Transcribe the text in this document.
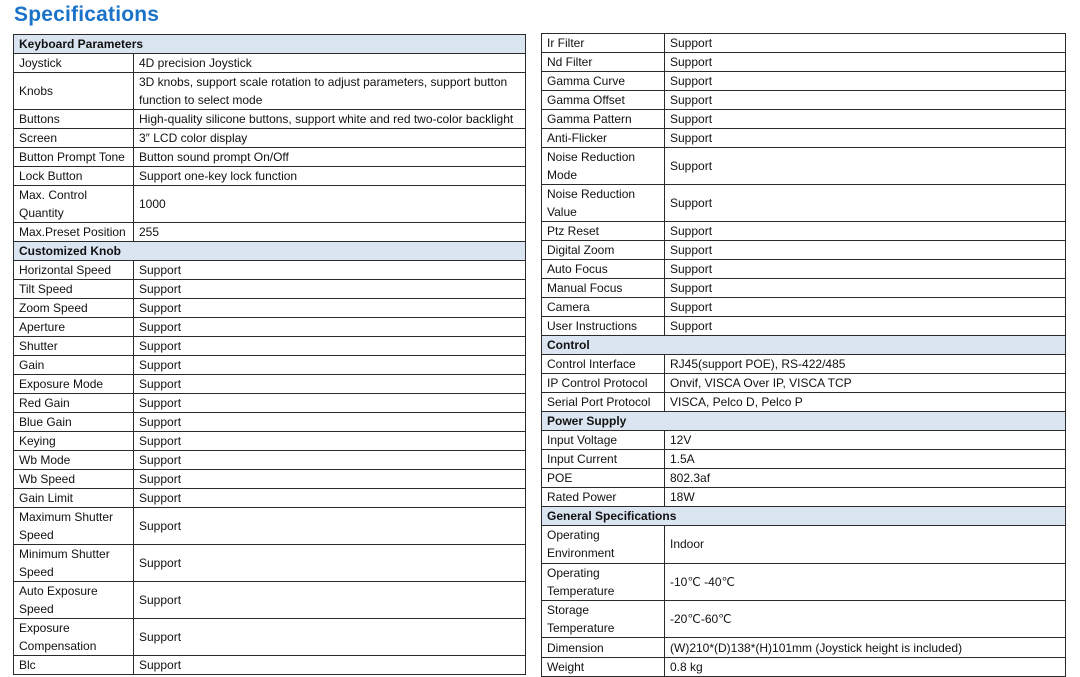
Specifications
Keyboard Parameters	
Joystick	4D precision Joystick
Knobs	3D knobs, support scale rotation to adjust parameters, support button function to select mode
Buttons	High-quality silicone buttons, support white and red two-color backlight
Screen	3″ LCD color display
Button Prompt Tone	Button sound prompt On/Off
Lock Button	Support one-key lock function
Max. Control Quantity	1000
Max.Preset Position	255
Customized Knob	
Horizontal Speed	Support
Tilt Speed	Support
Zoom Speed	Support
Aperture	Support
Shutter	Support
Gain	Support
Exposure Mode	Support
Red Gain	Support
Blue Gain	Support
Keying	Support
Wb Mode	Support
Wb Speed	Support
Gain Limit	Support
Maximum Shutter Speed	Support
Minimum Shutter Speed	Support
Auto Exposure Speed	Support
Exposure Compensation	Support
Blc	Support
Ir Filter	Support
Nd Filter	Support
Gamma Curve	Support
Gamma Offset	Support
Gamma Pattern	Support
Anti-Flicker	Support
Noise Reduction Mode	Support
Noise Reduction Value	Support
Ptz Reset	Support
Digital Zoom	Support
Auto Focus	Support
Manual Focus	Support
Camera	Support
User Instructions	Support
Control	
Control Interface	RJ45(support POE), RS-422/485
IP Control Protocol	Onvif, VISCA Over IP, VISCA TCP
Serial Port Protocol	VISCA, Pelco D, Pelco P
Power Supply	
Input Voltage	12V
Input Current	1.5A
POE	802.3af
Rated Power	18W
General Specifications	
Operating Environment	Indoor
Operating Temperature	-10℃ -40℃
Storage Temperature	-20℃-60℃
Dimension	(W)210*(D)138*(H)101mm (Joystick height is included)
Weight	0.8 kg
